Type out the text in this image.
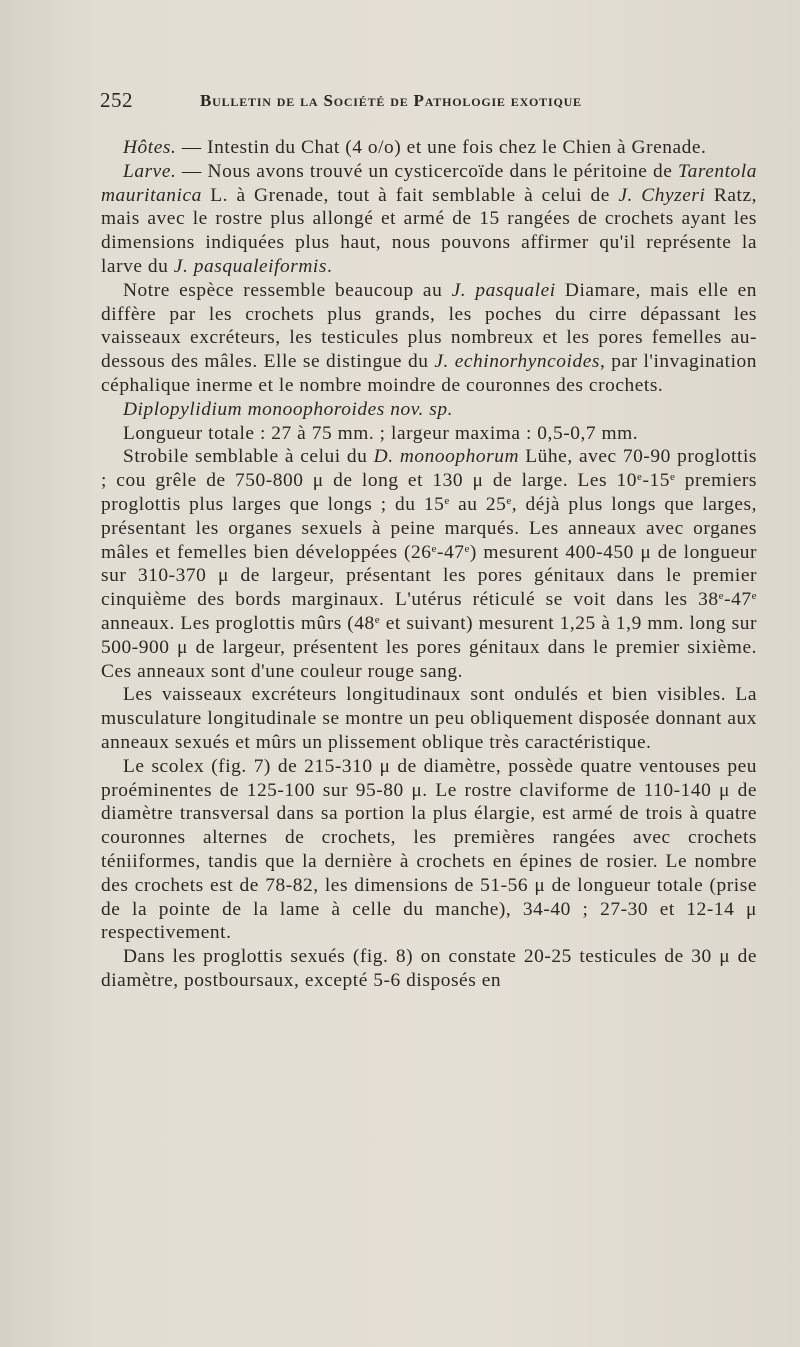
252	Bulletin de la Société de Pathologie exotique

Hôtes. — Intestin du Chat (4 o/o) et une fois chez le Chien à Grenade.

Larve. — Nous avons trouvé un cysticercoïde dans le péritoine de Tarentola mauritanica L. à Grenade, tout à fait semblable à celui de J. Chyzeri Ratz, mais avec le rostre plus allongé et armé de 15 rangées de crochets ayant les dimensions indiquées plus haut, nous pouvons affirmer qu'il représente la larve du J. pasqualeiformis.

Notre espèce ressemble beaucoup au J. pasqualei Diamare, mais elle en diffère par les crochets plus grands, les poches du cirre dépassant les vaisseaux excréteurs, les testicules plus nombreux et les pores femelles au-dessous des mâles. Elle se distingue du J. echinorhyncoides, par l'invagination céphalique inerme et le nombre moindre de couronnes des crochets.

Diplopylidium monoophoroides nov. sp.

Longueur totale : 27 à 75 mm. ; largeur maxima : 0,5-0,7 mm.

Strobile semblable à celui du D. monoophorum Lühe, avec 70-90 proglottis ; cou grêle de 750-800 μ de long et 130 μ de large. Les 10e-15e premiers proglottis plus larges que longs ; du 15e au 25e, déjà plus longs que larges, présentant les organes sexuels à peine marqués. Les anneaux avec organes mâles et femelles bien développées (26e-47e) mesurent 400-450 μ de longueur sur 310-370 μ de largeur, présentant les pores génitaux dans le premier cinquième des bords marginaux. L'utérus réticulé se voit dans les 38e-47e anneaux. Les proglottis mûrs (48e et suivant) mesurent 1,25 à 1,9 mm. long sur 500-900 μ de largeur, présentent les pores génitaux dans le premier sixième. Ces anneaux sont d'une couleur rouge sang.

Les vaisseaux excréteurs longitudinaux sont ondulés et bien visibles. La musculature longitudinale se montre un peu obliquement disposée donnant aux anneaux sexués et mûrs un plissement oblique très caractéristique.

Le scolex (fig. 7) de 215-310 μ de diamètre, possède quatre ventouses peu proéminentes de 125-100 sur 95-80 μ. Le rostre claviforme de 110-140 μ de diamètre transversal dans sa portion la plus élargie, est armé de trois à quatre couronnes alternes de crochets, les premières rangées avec crochets téniiformes, tandis que la dernière à crochets en épines de rosier. Le nombre des crochets est de 78-82, les dimensions de 51-56 μ de longueur totale (prise de la pointe de la lame à celle du manche), 34-40 ; 27-30 et 12-14 μ respectivement.

Dans les proglottis sexués (fig. 8) on constate 20-25 testicules de 30 μ de diamètre, postboursaux, excepté 5-6 disposés en
